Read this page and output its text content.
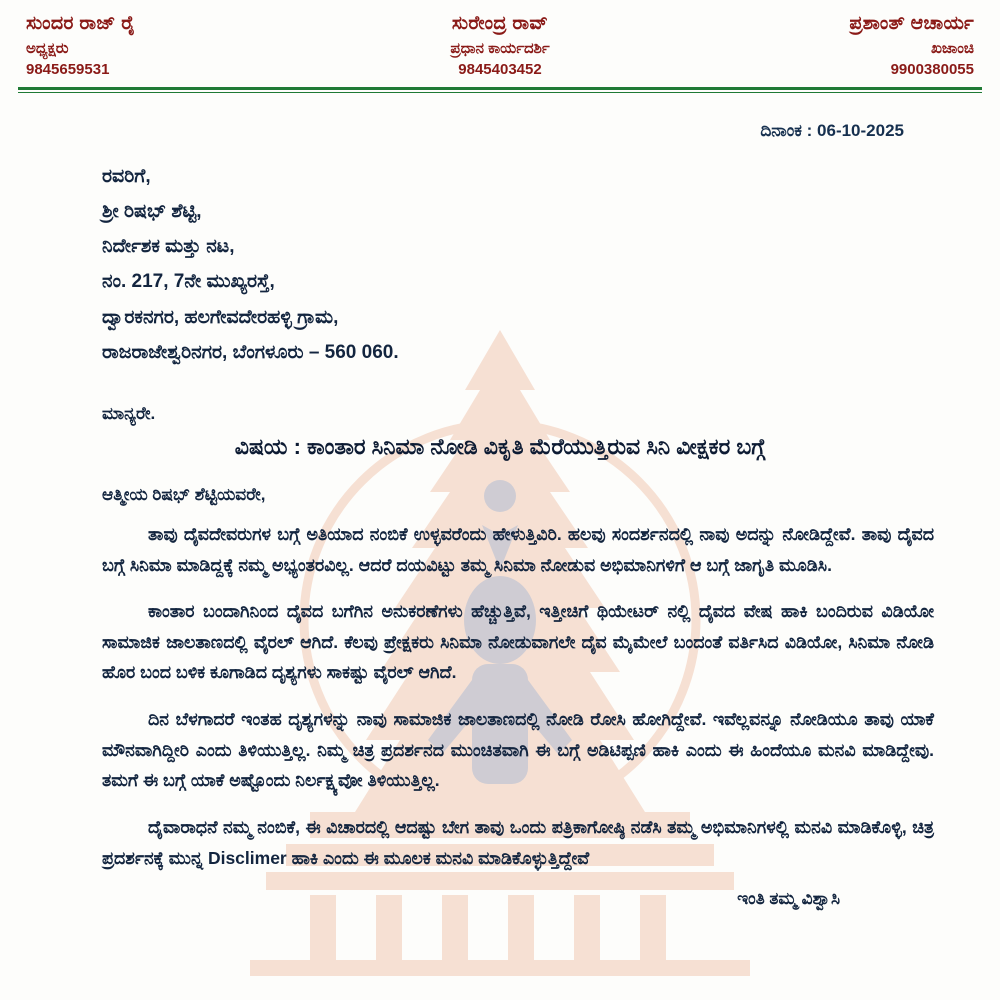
ಸುಂದರ ರಾಜ್ ರೈ
ಅಧ್ಯಕ್ಷರು
9845659531
ಸುರೇಂದ್ರ ರಾವ್
ಪ್ರಧಾನ ಕಾರ್ಯದರ್ಶಿ
9845403452
ಪ್ರಶಾಂತ್ ಆಚಾರ್ಯ
ಖಜಾಂಚಿ
9900380055
ದಿನಾಂಕ : 06-10-2025
ರವರಿಗೆ,
ಶ್ರೀ ರಿಷಭ್ ಶೆಟ್ಟಿ,
ನಿರ್ದೇಶಕ ಮತ್ತು ನಟ,
ನಂ. 217, 7ನೇ ಮುಖ್ಯರಸ್ತೆ,
ದ್ವಾರಕನಗರ, ಹಲಗೇವದೇರಹಳ್ಳಿ ಗ್ರಾಮ,
ರಾಜರಾಜೇಶ್ವರಿನಗರ, ಬೆಂಗಳೂರು – 560 060.
ಮಾನ್ಯರೇ.
ವಿಷಯ : ಕಾಂತಾರ ಸಿನಿಮಾ ನೋಡಿ ವಿಕೃತಿ ಮೆರೆಯುತ್ತಿರುವ ಸಿನಿ ವೀಕ್ಷಕರ ಬಗ್ಗೆ
ಆತ್ಮೀಯ ರಿಷಭ್ ಶೆಟ್ಟಿಯವರೇ,

ತಾವು ದೈವದೇವರುಗಳ ಬಗ್ಗೆ ಅತಿಯಾದ ನಂಬಿಕೆ ಉಳ್ಳವರೆಂದು ಹೇಳುತ್ತಿವಿರಿ. ಹಲವು ಸಂದರ್ಶನದಲ್ಲಿ ನಾವು ಅದನ್ನು ನೋಡಿದ್ದೇವೆ. ತಾವು ದೈವದ ಬಗ್ಗೆ ಸಿನಿಮಾ ಮಾಡಿದ್ದಕ್ಕೆ ನಮ್ಮ ಅಭ್ಯಂತರವಿಲ್ಲ. ಆದರೆ ದಯವಿಟ್ಟು ತಮ್ಮ ಸಿನಿಮಾ ನೋಡುವ ಅಭಿಮಾನಿಗಳಿಗೆ ಆ ಬಗ್ಗೆ ಜಾಗೃತಿ ಮೂಡಿಸಿ.

ಕಾಂತಾರ ಬಂದಾಗಿನಿಂದ ದೈವದ ಬಗೆಗಿನ ಅನುಕರಣೆಗಳು ಹೆಚ್ಚುತ್ತಿವೆ, ಇತ್ತೀಚಿಗೆ ಥಿಯೇಟರ್ ನಲ್ಲಿ ದೈವದ ವೇಷ ಹಾಕಿ ಬಂದಿರುವ ವಿಡಿಯೋ ಸಾಮಾಜಿಕ ಜಾಲತಾಣದಲ್ಲಿ ವೈರಲ್ ಆಗಿದೆ. ಕೆಲವು ಪ್ರೇಕ್ಷಕರು ಸಿನಿಮಾ ನೋಡುವಾಗಲೇ ದೈವ ಮೈಮೇಲೆ ಬಂದಂತೆ ವರ್ತಿಸಿದ ವಿಡಿಯೋ, ಸಿನಿಮಾ ನೋಡಿ ಹೊರ ಬಂದ ಬಳಿಕ ಕೂಗಾಡಿದ ದೃಶ್ಯಗಳು ಸಾಕಷ್ಟು ವೈರಲ್ ಆಗಿದೆ.

ದಿನ ಬೆಳಗಾದರೆ ಇಂತಹ ದೃಶ್ಯಗಳನ್ನು ನಾವು ಸಾಮಾಜಿಕ ಜಾಲತಾಣದಲ್ಲಿ ನೋಡಿ ರೋಸಿ ಹೋಗಿದ್ದೇವೆ. ಇವೆಲ್ಲವನ್ನೂ ನೋಡಿಯೂ ತಾವು ಯಾಕೆ ಮೌನವಾಗಿದ್ದೀರಿ ಎಂದು ತಿಳಿಯುತ್ತಿಲ್ಲ. ನಿಮ್ಮ ಚಿತ್ರ ಪ್ರದರ್ಶನದ ಮುಂಚಿತವಾಗಿ ಈ ಬಗ್ಗೆ ಅಡಿಟಿಪ್ಪಣಿ ಹಾಕಿ ಎಂದು ಈ ಹಿಂದೆಯೂ ಮನವಿ ಮಾಡಿದ್ದೇವು. ತಮಗೆ ಈ ಬಗ್ಗೆ ಯಾಕೆ ಅಷ್ಟೊಂದು ನಿರ್ಲಕ್ಷ್ಯವೋ ತಿಳಿಯುತ್ತಿಲ್ಲ.

ದೈವಾರಾಧನೆ ನಮ್ಮ ನಂಬಿಕೆ, ಈ ವಿಚಾರದಲ್ಲಿ ಆದಷ್ಟು ಬೇಗ ತಾವು ಒಂದು ಪತ್ರಿಕಾಗೋಷ್ಠಿ ನಡೆಸಿ ತಮ್ಮ ಅಭಿಮಾನಿಗಳಲ್ಲಿ ಮನವಿ ಮಾಡಿಕೊಳ್ಳಿ, ಚಿತ್ರ ಪ್ರದರ್ಶನಕ್ಕೆ ಮುನ್ನ Disclimer ಹಾಕಿ ಎಂದು ಈ ಮೂಲಕ ಮನವಿ ಮಾಡಿಕೊಳ್ಳುತ್ತಿದ್ದೇವೆ

ಇಂತಿ ತಮ್ಮ ವಿಶ್ವಾಸಿ
